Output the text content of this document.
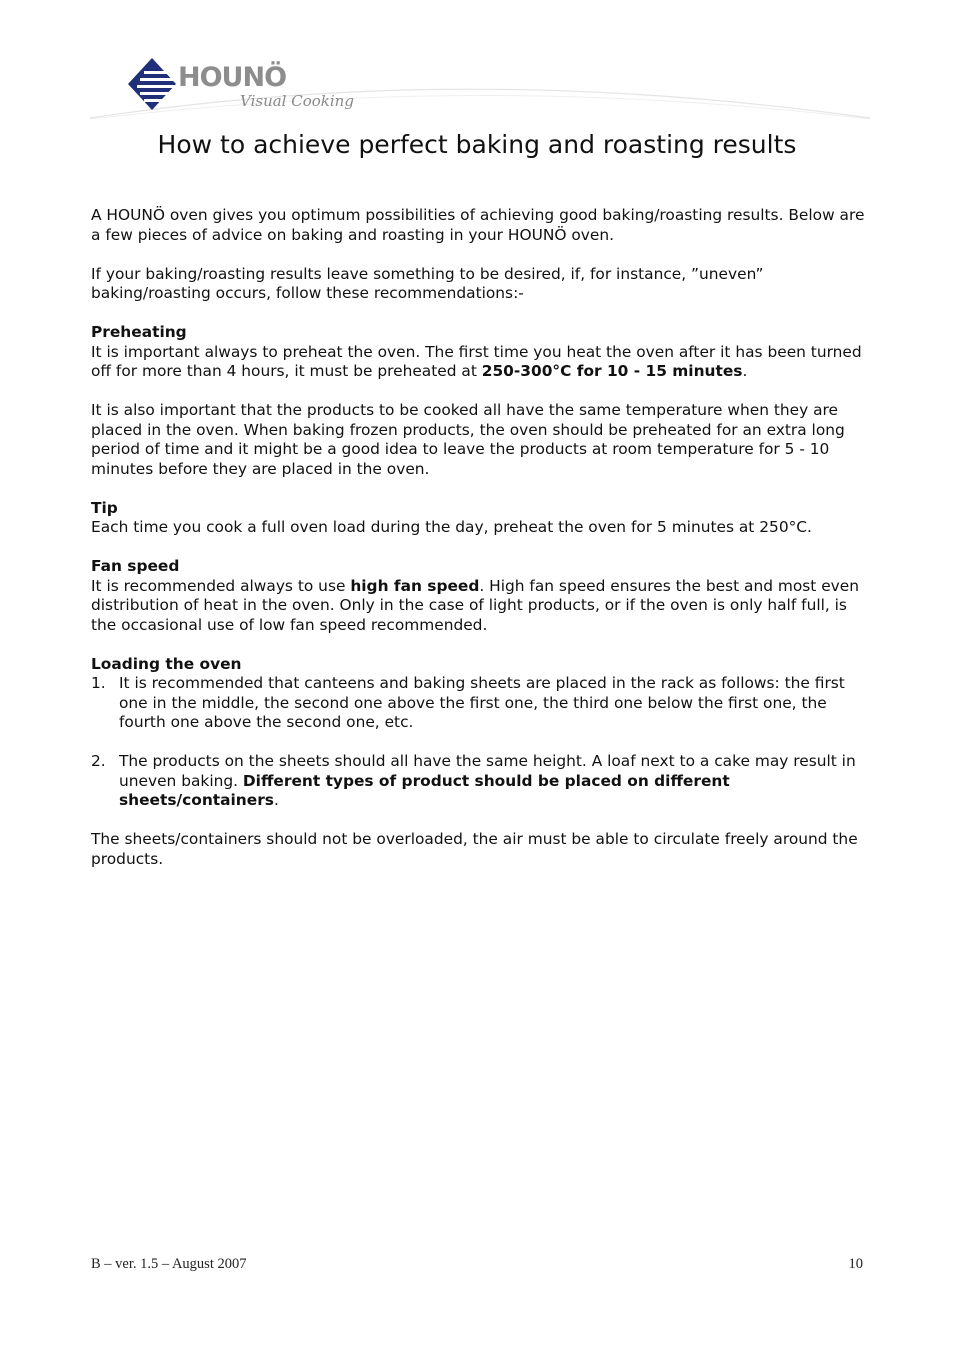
HOUNÖ
Visual Cooking
How to achieve perfect baking and roasting results

A HOUNÖ oven gives you optimum possibilities of achieving good baking/roasting results. Below are a few pieces of advice on baking and roasting in your HOUNÖ oven.

If your baking/roasting results leave something to be desired, if, for instance, ”uneven” baking/roasting occurs, follow these recommendations:-

Preheating

It is important always to preheat the oven. The first time you heat the oven after it has been turned off for more than 4 hours, it must be preheated at 250-300°C for 10 - 15 minutes.

It is also important that the products to be cooked all have the same temperature when they are placed in the oven. When baking frozen products, the oven should be preheated for an extra long period of time and it might be a good idea to leave the products at room temperature for 5 - 10 minutes before they are placed in the oven.

Tip

Each time you cook a full oven load during the day, preheat the oven for 5 minutes at 250°C.

Fan speed

It is recommended always to use high fan speed. High fan speed ensures the best and most even distribution of heat in the oven. Only in the case of light products, or if the oven is only half full, is the occasional use of low fan speed recommended.

Loading the oven
1. It is recommended that canteens and baking sheets are placed in the rack as follows: the first one in the middle, the second one above the first one, the third one below the first one, the fourth one above the second one, etc.
2. The products on the sheets should all have the same height. A loaf next to a cake may result in uneven baking. Different types of product should be placed on different sheets/containers.

The sheets/containers should not be overloaded, the air must be able to circulate freely around the products.

B – ver. 1.5 – August 2007	10
